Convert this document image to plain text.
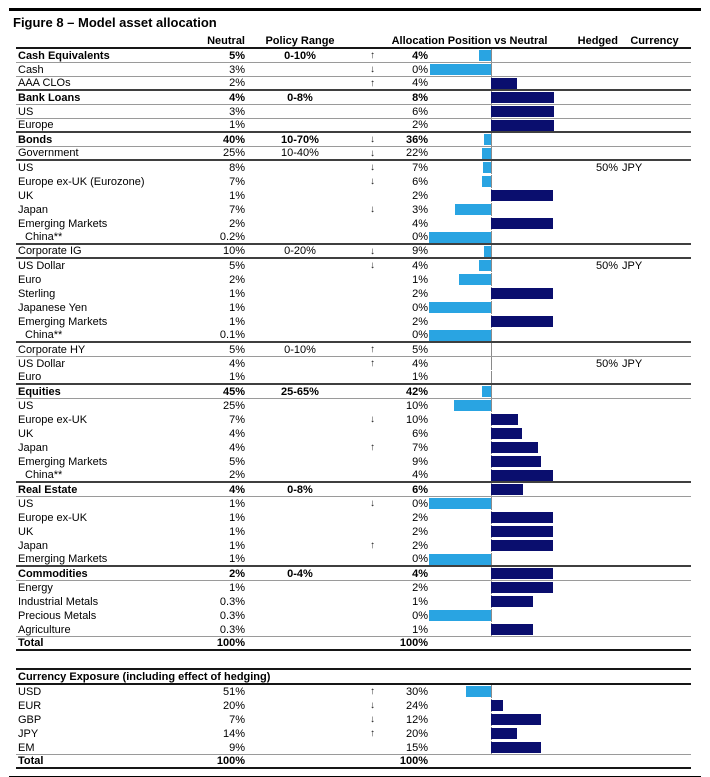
Figure 8 – Model asset allocation
Neutral	Policy Range	Allocation Position vs Neutral	Hedged	Currency
Cash Equivalents	5%	0-10%	↑	4%
Cash	3%	↓	0%
AAA CLOs	2%	↑	4%
Bank Loans	4%	0-8%	8%
US	3%	6%
Europe	1%	2%
Bonds	40%	10-70%	↓	36%
Government	25%	10-40%	↓	22%
US	8%	↓	7%	50% JPY
Europe ex-UK (Eurozone)	7%	↓	6%
UK	1%	2%
Japan	7%	↓	3%
Emerging Markets	2%	4%
China**	0.2%	0%
Corporate IG	10%	0-20%	↓	9%
US Dollar	5%	↓	4%	50% JPY
Euro	2%	1%
Sterling	1%	2%
Japanese Yen	1%	0%
Emerging Markets	1%	2%
China**	0.1%	0%
Corporate HY	5%	0-10%	↑	5%
US Dollar	4%	↑	4%	50% JPY
Euro	1%	1%
Equities	45%	25-65%	42%
US	25%	10%
Europe ex-UK	7%	↓	10%
UK	4%	6%
Japan	4%	↑	7%
Emerging Markets	5%	9%
China**	2%	4%
Real Estate	4%	0-8%	6%
US	1%	↓	0%
Europe ex-UK	1%	2%
UK	1%	2%
Japan	1%	↑	2%
Emerging Markets	1%	0%
Commodities	2%	0-4%	4%
Energy	1%	2%
Industrial Metals	0.3%	1%
Precious Metals	0.3%	0%
Agriculture	0.3%	1%
Total	100%	100%
Currency Exposure (including effect of hedging)
USD	51%	↑	30%
EUR	20%	↓	24%
GBP	7%	↓	12%
JPY	14%	↑	20%
EM	9%	15%
Total	100%	100%
